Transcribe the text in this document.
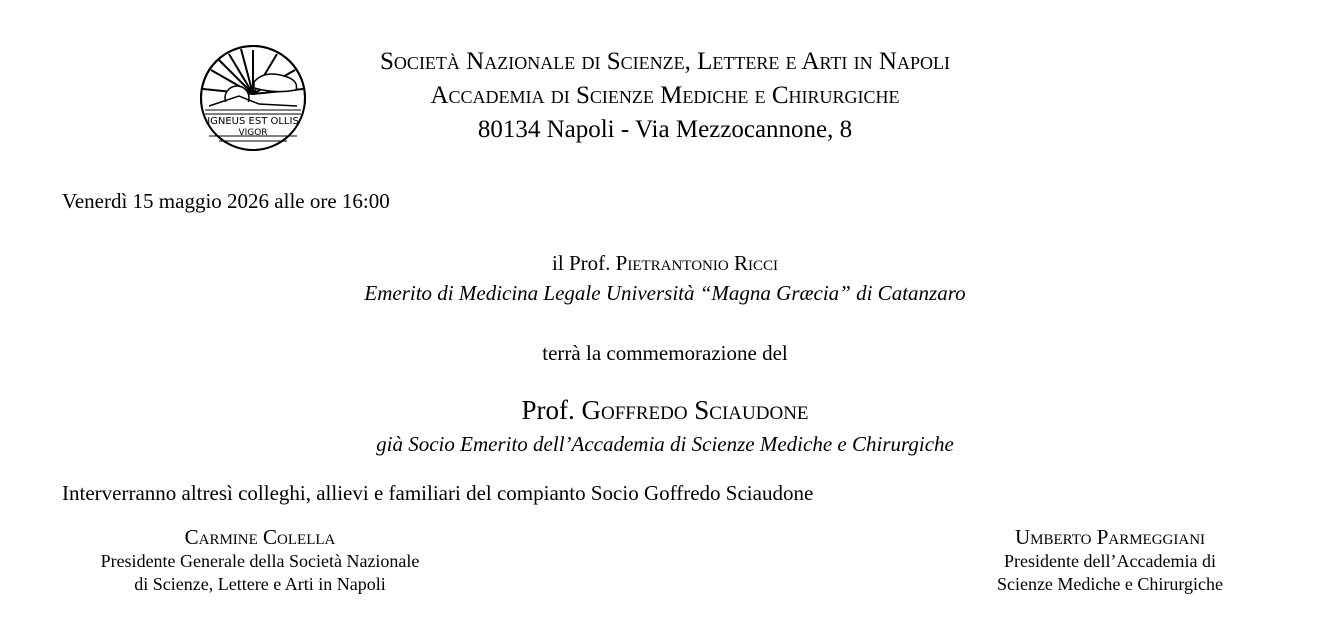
IGNEUS EST OLLIS
VIGOR
Società Nazionale di Scienze, Lettere e Arti in Napoli
Accademia di Scienze Mediche e Chirurgiche
80134 Napoli - Via Mezzocannone, 8
Venerdì 15 maggio 2026 alle ore 16:00
il Prof. Pietrantonio Ricci
Emerito di Medicina Legale Università “Magna Græcia” di Catanzaro
terrà la commemorazione del
Prof. Goffredo Sciaudone
già Socio Emerito dell’Accademia di Scienze Mediche e Chirurgiche
Interverranno altresì colleghi, allievi e familiari del compianto Socio Goffredo Sciaudone
Carmine Colella
Presidente Generale della Società Nazionale
di Scienze, Lettere e Arti in Napoli
Umberto Parmeggiani
Presidente dell’Accademia di
Scienze Mediche e Chirurgiche
